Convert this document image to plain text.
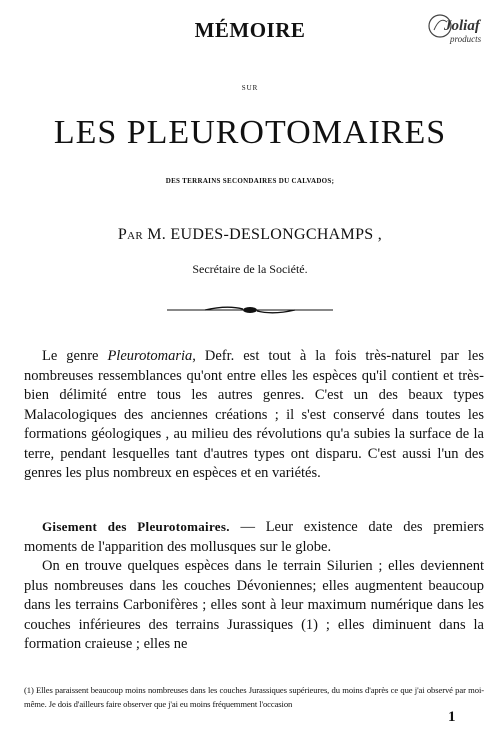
Joliaf
products
MÉMOIRE
SUR
LES PLEUROTOMAIRES
DES TERRAINS SECONDAIRES DU CALVADOS;
Par M. EUDES-DESLONGCHAMPS ,
Secrétaire de la Société.
Le genre Pleurotomaria, Defr. est tout à la fois très-naturel par les nombreuses ressemblances qu'ont entre elles les espèces qu'il contient et très-bien délimité entre tous les autres genres. C'est un des beaux types Malacologiques des anciennes créations ; il s'est conservé dans toutes les formations géologiques , au milieu des révolutions qu'a subies la surface de la terre, pendant lesquelles tant d'autres types ont disparu. C'est aussi l'un des genres les plus nombreux en espèces et en variétés.
Gisement des Pleurotomaires. — Leur existence date des premiers moments de l'apparition des mollusques sur le globe.
On en trouve quelques espèces dans le terrain Silurien ; elles deviennent plus nombreuses dans les couches Dévoniennes; elles augmentent beaucoup dans les terrains Carbonifères ; elles sont à leur maximum numérique dans les couches inférieures des terrains Jurassiques (1) ; elles diminuent dans la formation craieuse ; elles ne
(1) Elles paraissent beaucoup moins nombreuses dans les couches Jurassiques supérieures, du moins d'après ce que j'ai observé par moi-même. Je dois d'ailleurs faire observer que j'ai eu moins fréquemment l'occasion
1
